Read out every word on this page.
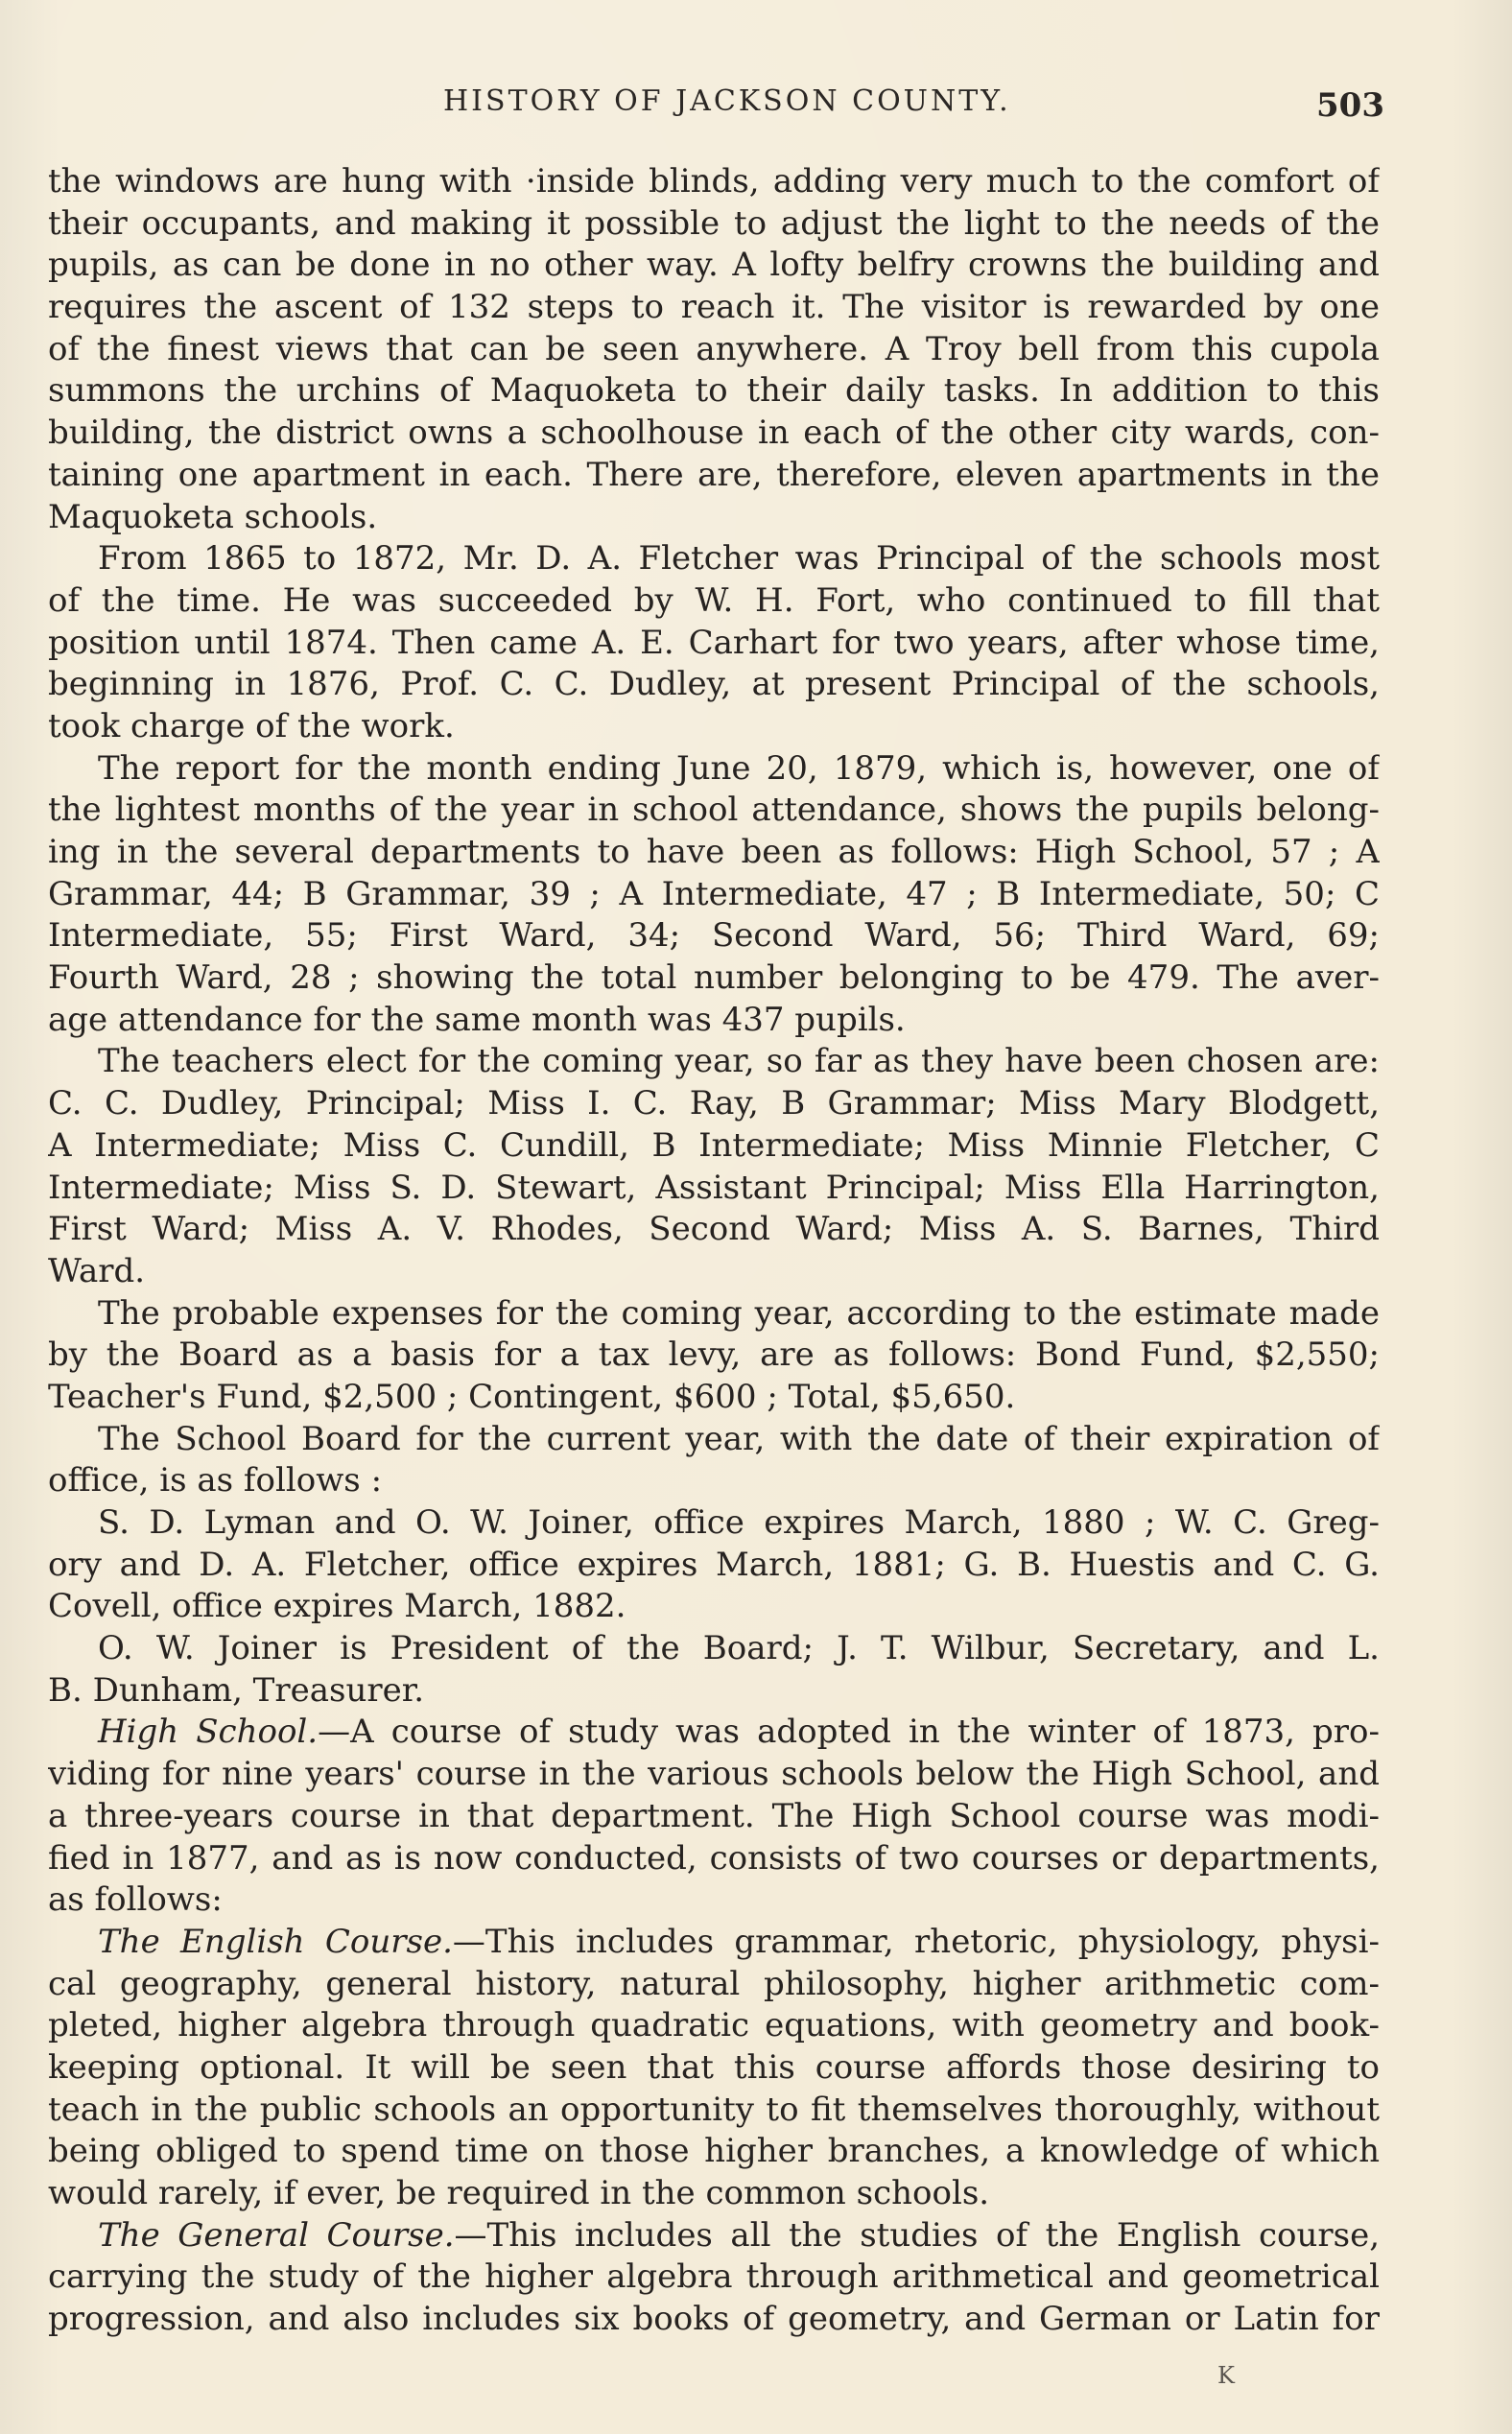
HISTORY OF JACKSON COUNTY.	503
the windows are hung with ·inside blinds, adding very much to the comfort of
their occupants, and making it possible to adjust the light to the needs of the
pupils, as can be done in no other way. A lofty belfry crowns the building and
requires the ascent of 132 steps to reach it. The visitor is rewarded by one
of the finest views that can be seen anywhere. A Troy bell from this cupola
summons the urchins of Maquoketa to their daily tasks. In addition to this
building, the district owns a schoolhouse in each of the other city wards, con-
taining one apartment in each. There are, therefore, eleven apartments in the
Maquoketa schools.
From 1865 to 1872, Mr. D. A. Fletcher was Principal of the schools most
of the time. He was succeeded by W. H. Fort, who continued to fill that
position until 1874. Then came A. E. Carhart for two years, after whose time,
beginning in 1876, Prof. C. C. Dudley, at present Principal of the schools,
took charge of the work.
The report for the month ending June 20, 1879, which is, however, one of
the lightest months of the year in school attendance, shows the pupils belong-
ing in the several departments to have been as follows: High School, 57 ; A
Grammar, 44; B Grammar, 39 ; A Intermediate, 47 ; B Intermediate, 50; C
Intermediate, 55; First Ward, 34; Second Ward, 56; Third Ward, 69;
Fourth Ward, 28 ; showing the total number belonging to be 479. The aver-
age attendance for the same month was 437 pupils.
The teachers elect for the coming year, so far as they have been chosen are:
C. C. Dudley, Principal; Miss I. C. Ray, B Grammar; Miss Mary Blodgett,
A Intermediate; Miss C. Cundill, B Intermediate; Miss Minnie Fletcher, C
Intermediate; Miss S. D. Stewart, Assistant Principal; Miss Ella Harrington,
First Ward; Miss A. V. Rhodes, Second Ward; Miss A. S. Barnes, Third
Ward.
The probable expenses for the coming year, according to the estimate made
by the Board as a basis for a tax levy, are as follows: Bond Fund, $2,550;
Teacher's Fund, $2,500 ; Contingent, $600 ; Total, $5,650.
The School Board for the current year, with the date of their expiration of
office, is as follows :
S. D. Lyman and O. W. Joiner, office expires March, 1880 ; W. C. Greg-
ory and D. A. Fletcher, office expires March, 1881; G. B. Huestis and C. G.
Covell, office expires March, 1882.
O. W. Joiner is President of the Board; J. T. Wilbur, Secretary, and L.
B. Dunham, Treasurer.
High School.—A course of study was adopted in the winter of 1873, pro-
viding for nine years' course in the various schools below the High School, and
a three-years course in that department. The High School course was modi-
fied in 1877, and as is now conducted, consists of two courses or departments,
as follows:
The English Course.—This includes grammar, rhetoric, physiology, physi-
cal geography, general history, natural philosophy, higher arithmetic com-
pleted, higher algebra through quadratic equations, with geometry and book-
keeping optional. It will be seen that this course affords those desiring to
teach in the public schools an opportunity to fit themselves thoroughly, without
being obliged to spend time on those higher branches, a knowledge of which
would rarely, if ever, be required in the common schools.
The General Course.—This includes all the studies of the English course,
carrying the study of the higher algebra through arithmetical and geometrical
progression, and also includes six books of geometry, and German or Latin for
K
